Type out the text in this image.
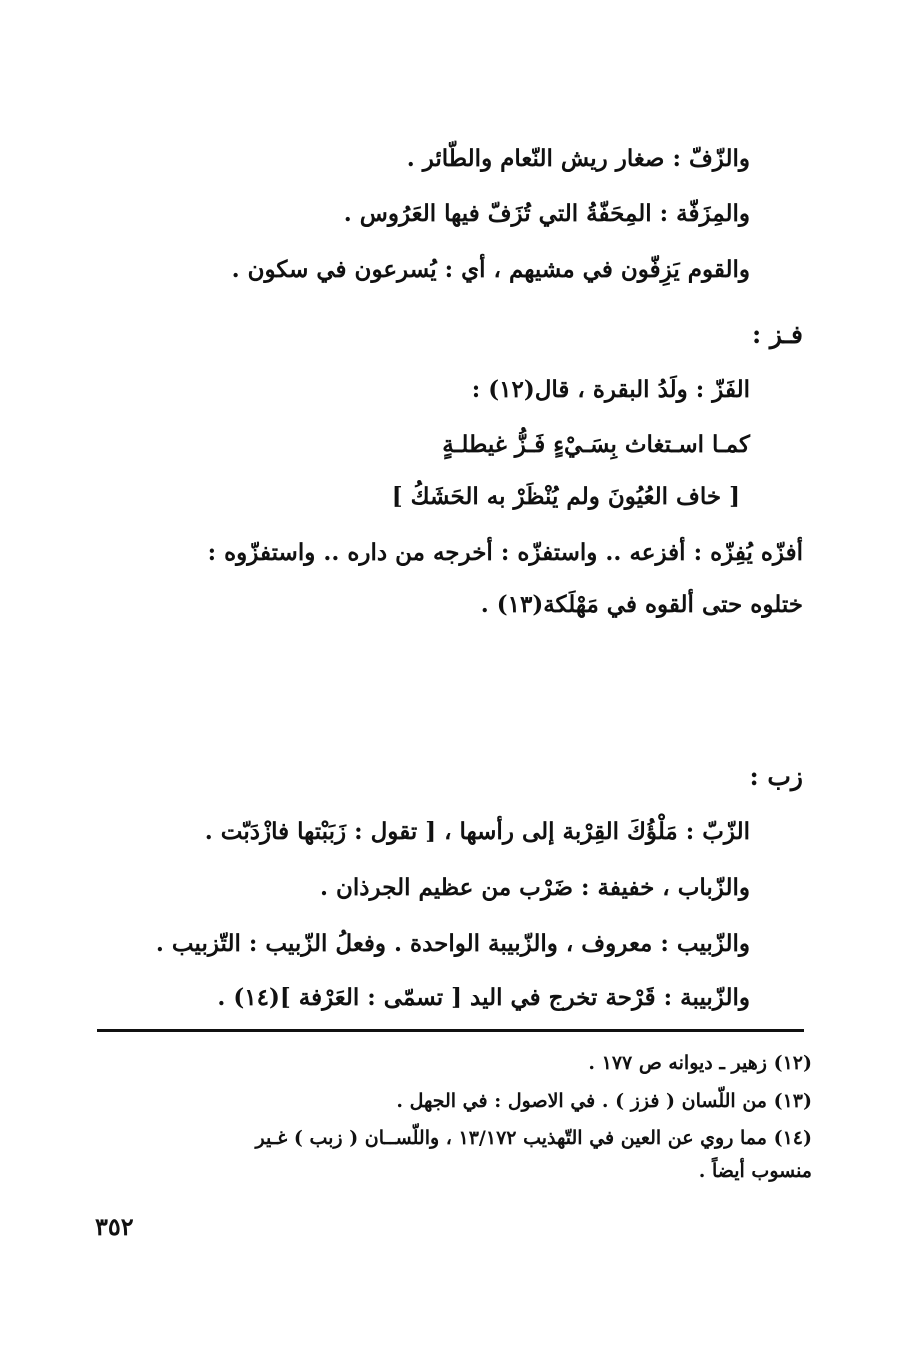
والزّفّ : صغار ريش النّعام والطّائر .
والمِزَفّة : المِحَفّةُ التي تُزَفّ فيها العَرُوس .
والقوم يَزِفّون في مشيهم ، أي : يُسرعون في سكون .
فـز :
الفَزّ : ولَدُ البقرة ، قال(١٢) :
كمـا اسـتغاث بِسَـيْءٍ فَـزُّ غيطلـةٍ
[ خاف العُيُونَ ولم يُنْظَرْ به الحَشَكُ ]
أفزّه يُفِزّه : أفزعه .. واستفزّه : أخرجه من داره .. واستفزّوه :
ختلوه حتى ألقوه في مَهْلَكة(١٣) .
زب :
الزّبّ : مَلْؤُكَ القِرْبة إلى رأسها ، [ تقول : زَبَبْتها فازْدَبّت .
والزّباب ، خفيفة : ضَرْب من عظيم الجرذان .
والزّبيب : معروف ، والزّبيبة الواحدة . وفعلُ الزّبيب : التّزبيب .
والزّبيبة : قَرْحة تخرج في اليد [ تسمّى : العَرْفة ](١٤) .
(١٢) زهير ـ ديوانه ص ١٧٧ .
(١٣) من اللّسان ( فزز ) . في الاصول : في الجهل .
(١٤) مما روي عن العين في التّهذيب ١٣/١٧٢ ، واللّســان ( زبب ) غـير
منسوب أيضاً .
٣٥٢
